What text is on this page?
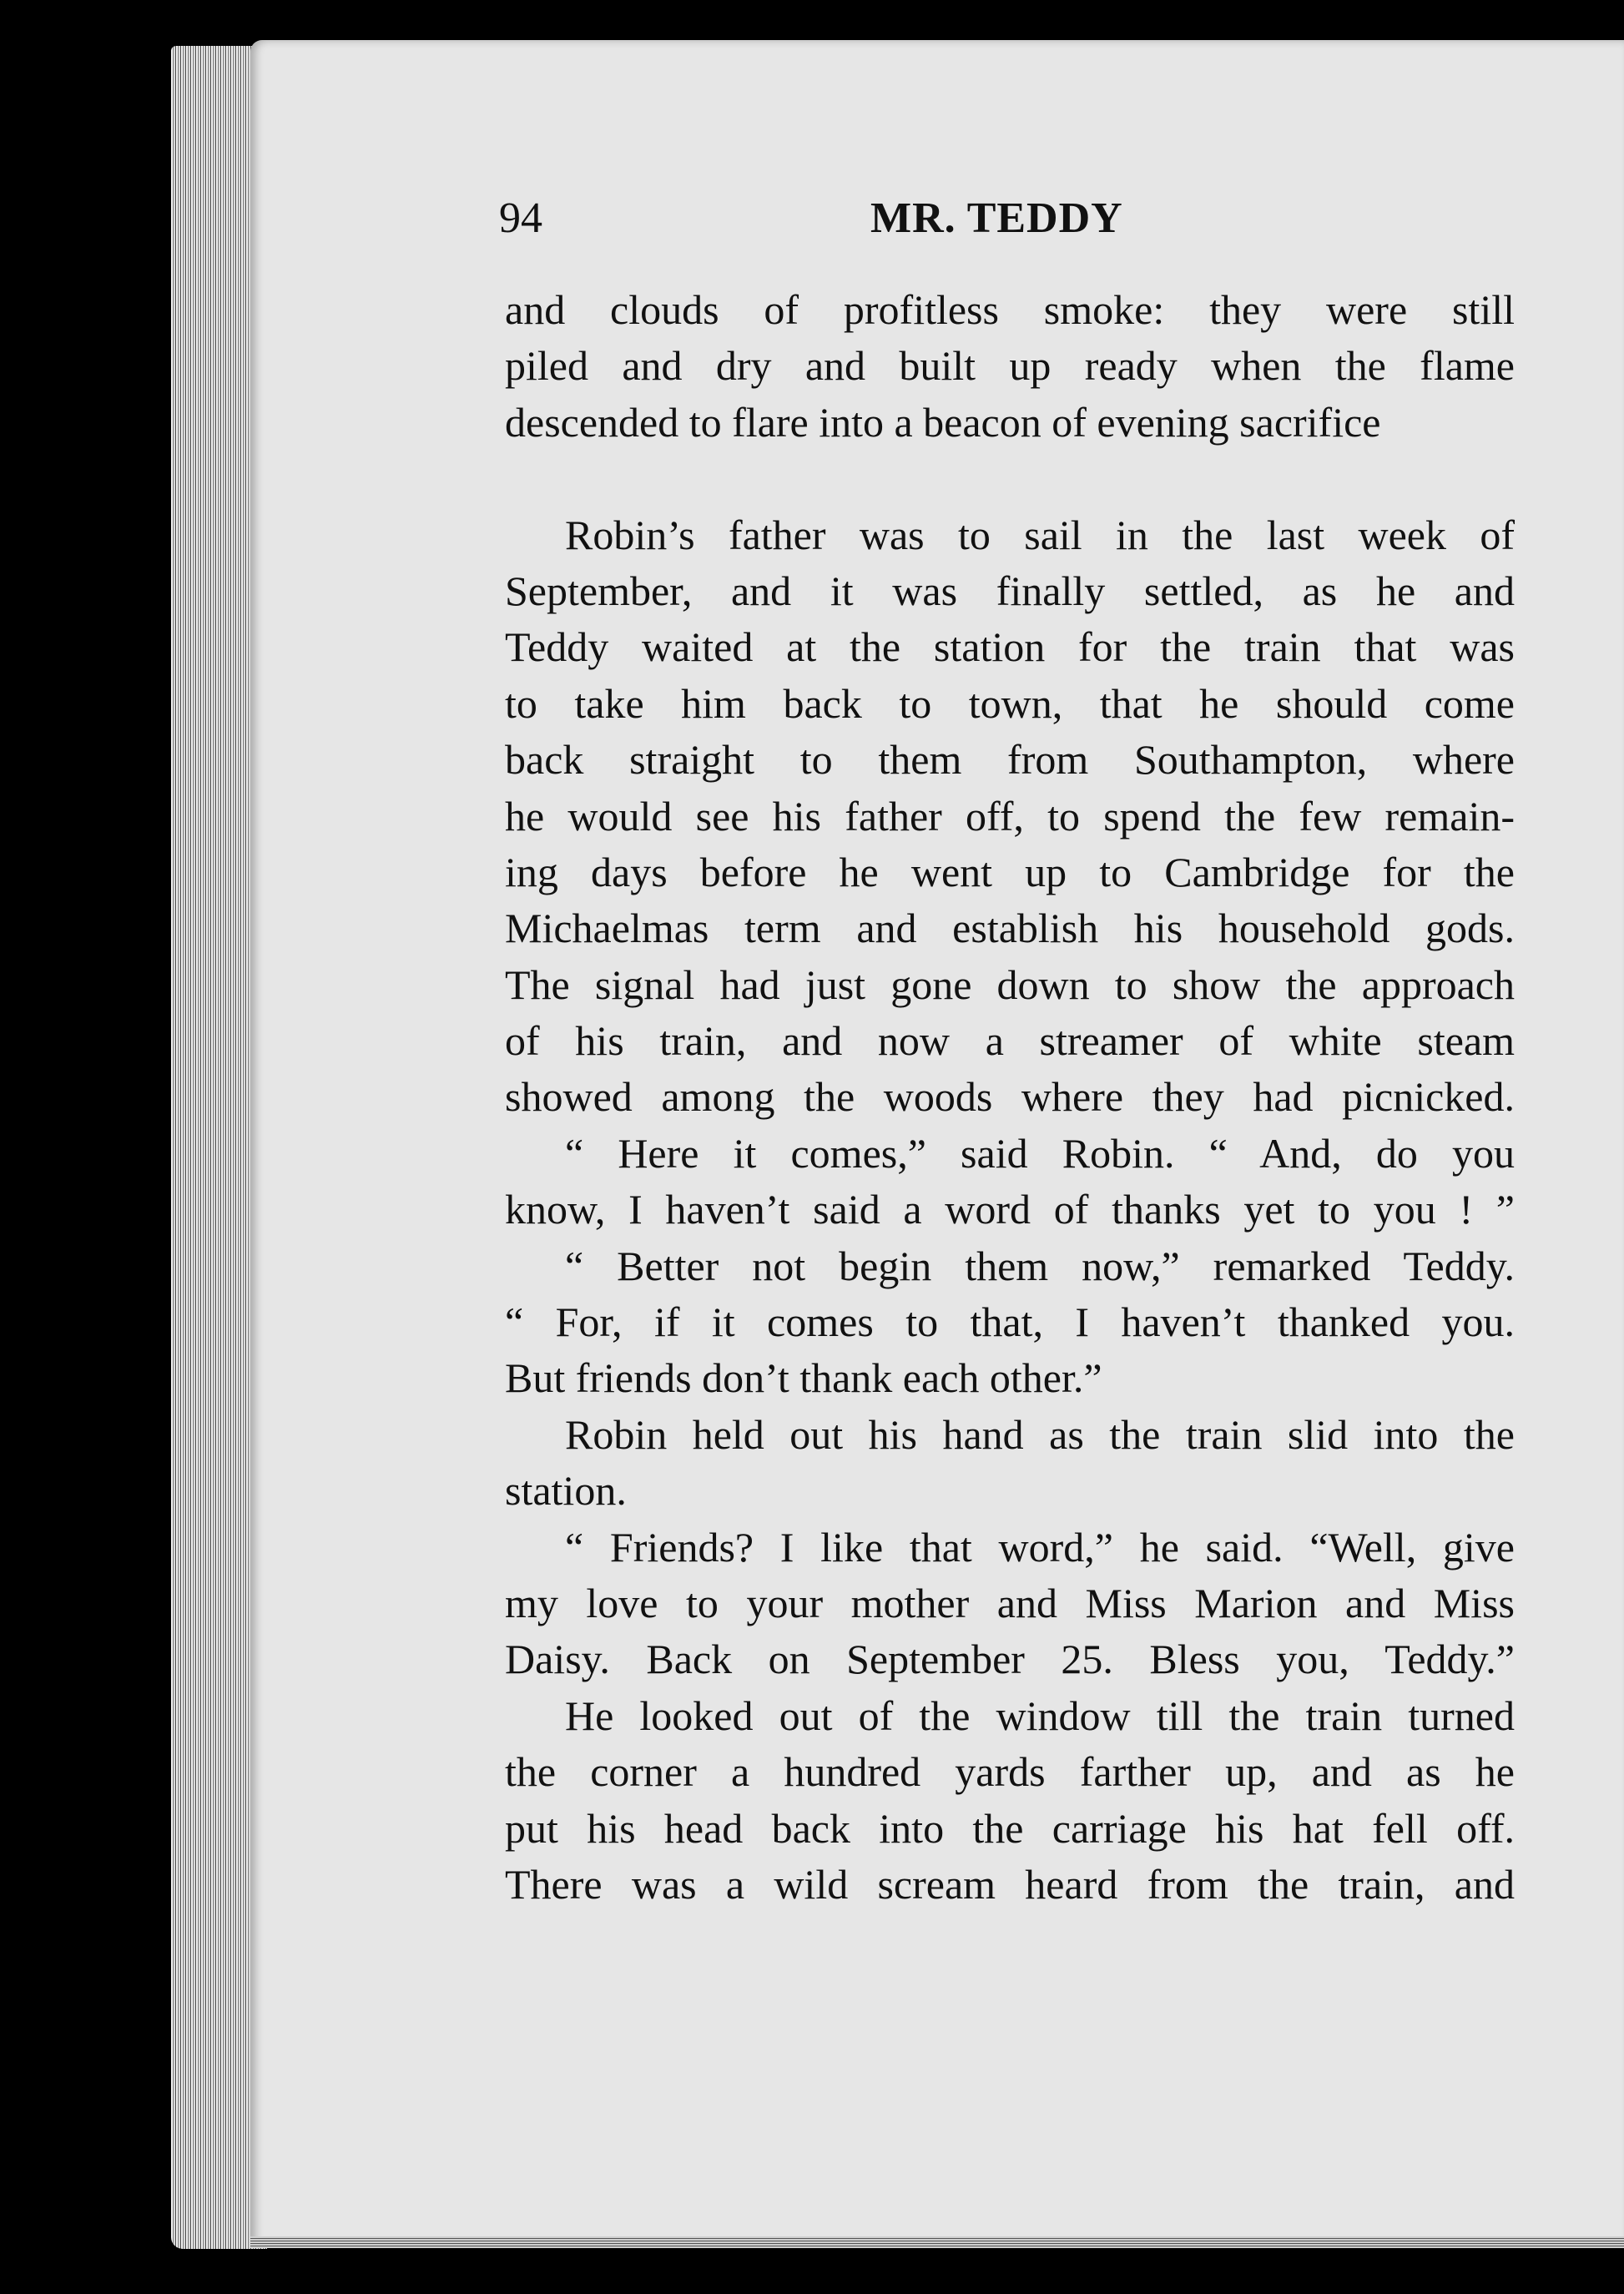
94	MR. TEDDY
and clouds of profitless smoke: they were still
piled and dry and built up ready when the flame
descended to flare into a beacon of evening sacrifice
Robin’s father was to sail in the last week of
September, and it was finally settled, as he and
Teddy waited at the station for the train that was
to take him back to town, that he should come
back straight to them from Southampton, where
he would see his father off, to spend the few remain-
ing days before he went up to Cambridge for the
Michaelmas term and establish his household gods.
The signal had just gone down to show the approach
of his train, and now a streamer of white steam
showed among the woods where they had picnicked.
“ Here it comes,” said Robin. “ And, do you
know, I haven’t said a word of thanks yet to you ! ”
“ Better not begin them now,” remarked Teddy.
“ For, if it comes to that, I haven’t thanked you.
But friends don’t thank each other.”
Robin held out his hand as the train slid into the
station.
“ Friends? I like that word,” he said. “Well, give
my love to your mother and Miss Marion and Miss
Daisy. Back on September 25. Bless you, Teddy.”
He looked out of the window till the train turned
the corner a hundred yards farther up, and as he
put his head back into the carriage his hat fell off.
There was a wild scream heard from the train, and
